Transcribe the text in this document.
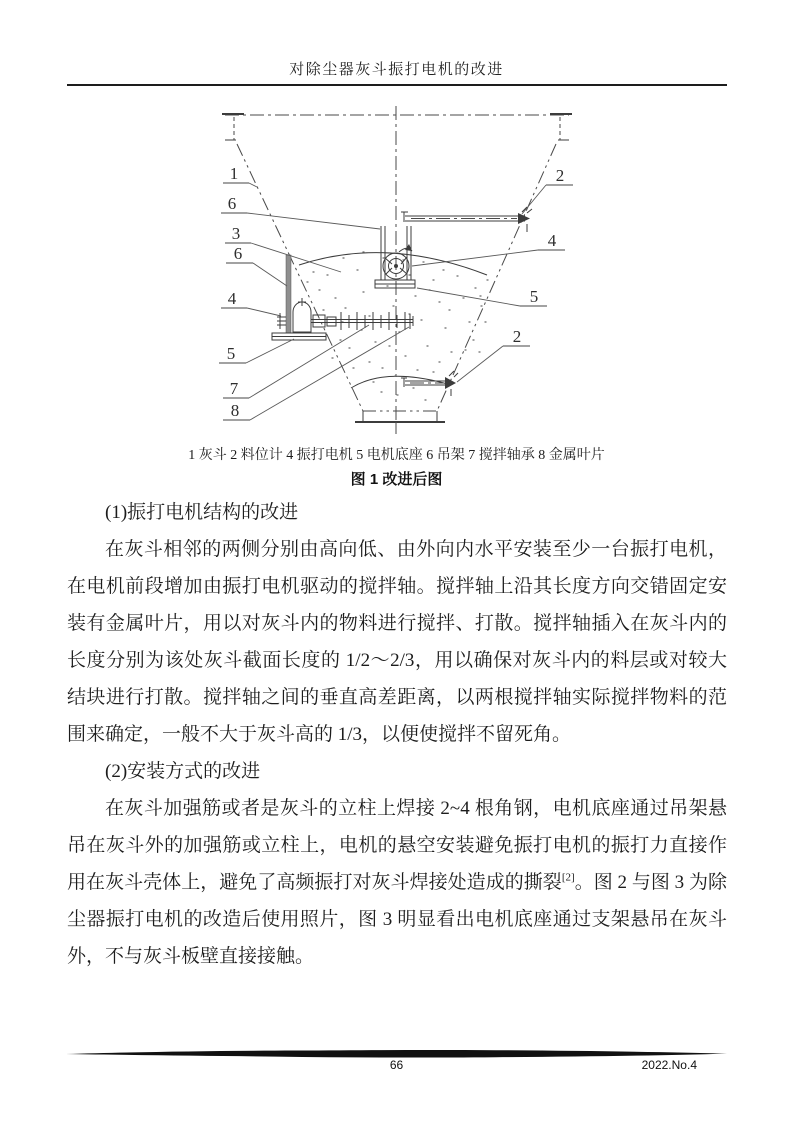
对除尘器灰斗振打电机的改进
1
6
3
6
4
5
7
8
2
4
5
2
1 灰斗 2 料位计 4 振打电机 5 电机底座 6 吊架 7 搅拌轴承 8 金属叶片
图 1 改进后图

(1)振打电机结构的改进

在灰斗相邻的两侧分别由高向低、由外向内水平安装至少一台振打电机，在电机前段增加由振打电机驱动的搅拌轴。搅拌轴上沿其长度方向交错固定安装有金属叶片，用以对灰斗内的物料进行搅拌、打散。搅拌轴插入在灰斗内的长度分别为该处灰斗截面长度的 1/2～2/3，用以确保对灰斗内的料层或对较大结块进行打散。搅拌轴之间的垂直高差距离，以两根搅拌轴实际搅拌物料的范围来确定，一般不大于灰斗高的 1/3，以便使搅拌不留死角。

(2)安装方式的改进

在灰斗加强筋或者是灰斗的立柱上焊接 2~4 根角钢，电机底座通过吊架悬吊在灰斗外的加强筋或立柱上，电机的悬空安装避免振打电机的振打力直接作用在灰斗壳体上，避免了高频振打对灰斗焊接处造成的撕裂[2]。图 2 与图 3 为除尘器振打电机的改造后使用照片，图 3 明显看出电机底座通过支架悬吊在灰斗外，不与灰斗板壁直接接触。

66	2022.No.4
